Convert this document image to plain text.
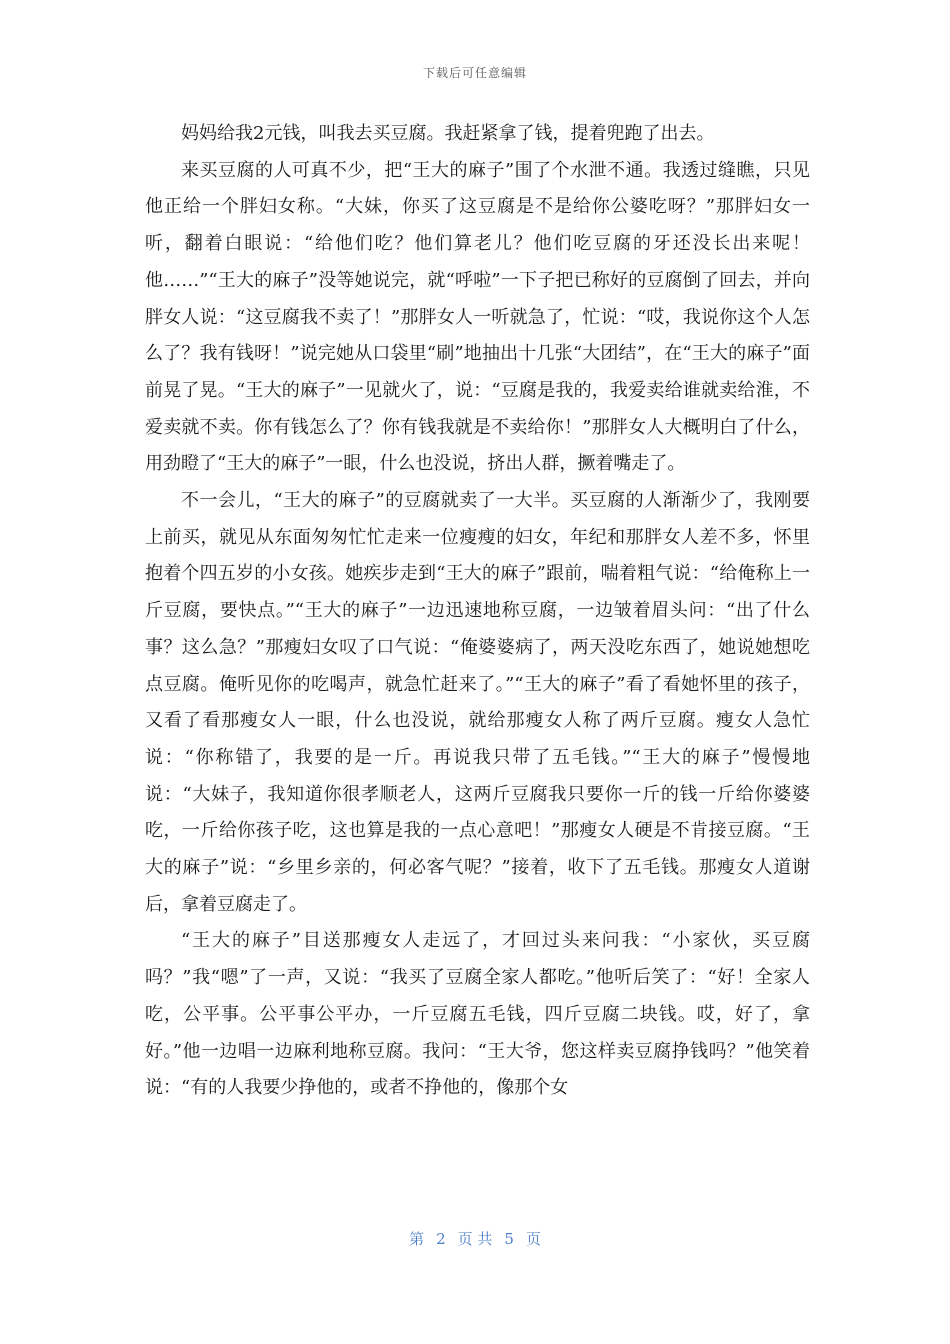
下载后可任意编辑

妈妈给我2元钱，叫我去买豆腐。我赶紧拿了钱，提着兜跑了出去。

来买豆腐的人可真不少，把“王大的麻子”围了个水泄不通。我透过缝瞧，只见他正给一个胖妇女称。“大妹，你买了这豆腐是不是给你公婆吃呀？”那胖妇女一听，翻着白眼说：“给他们吃？他们算老儿？他们吃豆腐的牙还没长出来呢！他……”“王大的麻子”没等她说完，就“呼啦”一下子把已称好的豆腐倒了回去，并向胖女人说：“这豆腐我不卖了！”那胖女人一听就急了，忙说：“哎，我说你这个人怎么了？我有钱呀！”说完她从口袋里“刷”地抽出十几张“大团结”，在“王大的麻子”面前晃了晃。“王大的麻子”一见就火了，说：“豆腐是我的，我爱卖给谁就卖给淮，不爱卖就不卖。你有钱怎么了？你有钱我就是不卖给你！”那胖女人大概明白了什么，用劲瞪了“王大的麻子”一眼，什么也没说，挤出人群，撅着嘴走了。

不一会儿，“王大的麻子”的豆腐就卖了一大半。买豆腐的人渐渐少了，我刚要上前买，就见从东面匆匆忙忙走来一位瘦瘦的妇女，年纪和那胖女人差不多，怀里抱着个四五岁的小女孩。她疾步走到“王大的麻子”跟前，喘着粗气说：“给俺称上一斤豆腐，要快点。”“王大的麻子”一边迅速地称豆腐，一边皱着眉头问：“出了什么事？这么急？”那瘦妇女叹了口气说：“俺婆婆病了，两天没吃东西了，她说她想吃点豆腐。俺听见你的吃喝声，就急忙赶来了。”“王大的麻子”看了看她怀里的孩子，又看了看那瘦女人一眼，什么也没说，就给那瘦女人称了两斤豆腐。瘦女人急忙说：“你称错了，我要的是一斤。再说我只带了五毛钱。”“王大的麻子”慢慢地说：“大妹子，我知道你很孝顺老人，这两斤豆腐我只要你一斤的钱一斤给你婆婆吃，一斤给你孩子吃，这也算是我的一点心意吧！”那瘦女人硬是不肯接豆腐。“王大的麻子”说：“乡里乡亲的，何必客气呢？”接着，收下了五毛钱。那瘦女人道谢后，拿着豆腐走了。

“王大的麻子”目送那瘦女人走远了，才回过头来问我：“小家伙，买豆腐吗？”我“嗯”了一声，又说：“我买了豆腐全家人都吃。”他听后笑了：“好！全家人吃，公平事。公平事公平办，一斤豆腐五毛钱，四斤豆腐二块钱。哎，好了，拿好。”他一边唱一边麻利地称豆腐。我问：“王大爷，您这样卖豆腐挣钱吗？”他笑着说：“有的人我要少挣他的，或者不挣他的，像那个女

第 2 页 共 5 页
